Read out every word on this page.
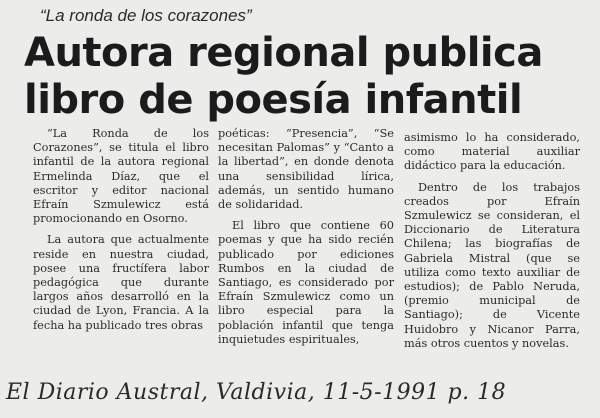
“La ronda de los corazones”
Autora regional publica
libro de poesía infantil

“La Ronda de los Corazones”, se titula el libro infantil de la autora regional Ermelinda Díaz, que el escritor y editor nacional Efraín Szmulewicz está promocionando en Osorno.

La autora que actualmente reside en nuestra ciudad, posee una fructífera labor pedagógica que durante largos años desarrolló en la ciudad de Lyon, Francia. A la fecha ha publicado tres obras

poéticas: “Presencia”, “Se necesitan Palomas” y “Canto a la libertad”, en donde denota una sensibilidad lírica, además, un sentido humano de solidaridad.

El libro que contiene 60 poemas y que ha sido recién publicado por ediciones Rumbos en la ciudad de Santiago, es considerado por Efraín Szmulewicz como un libro especial para la población infantil que tenga inquietudes espirituales,

asimismo lo ha considerado, como material auxiliar didáctico para la educación.

Dentro de los trabajos creados por Efraín Szmulewicz se consideran, el Diccionario de Literatura Chilena; las biografías de Gabriela Mistral (que se utiliza como texto auxiliar de estudios); de Pablo Neruda, (premio municipal de Santiago); de Vicente Huidobro y Nicanor Parra, más otros cuentos y novelas.

El Diario Austral, Valdivia, 11-5-1991 p. 18
